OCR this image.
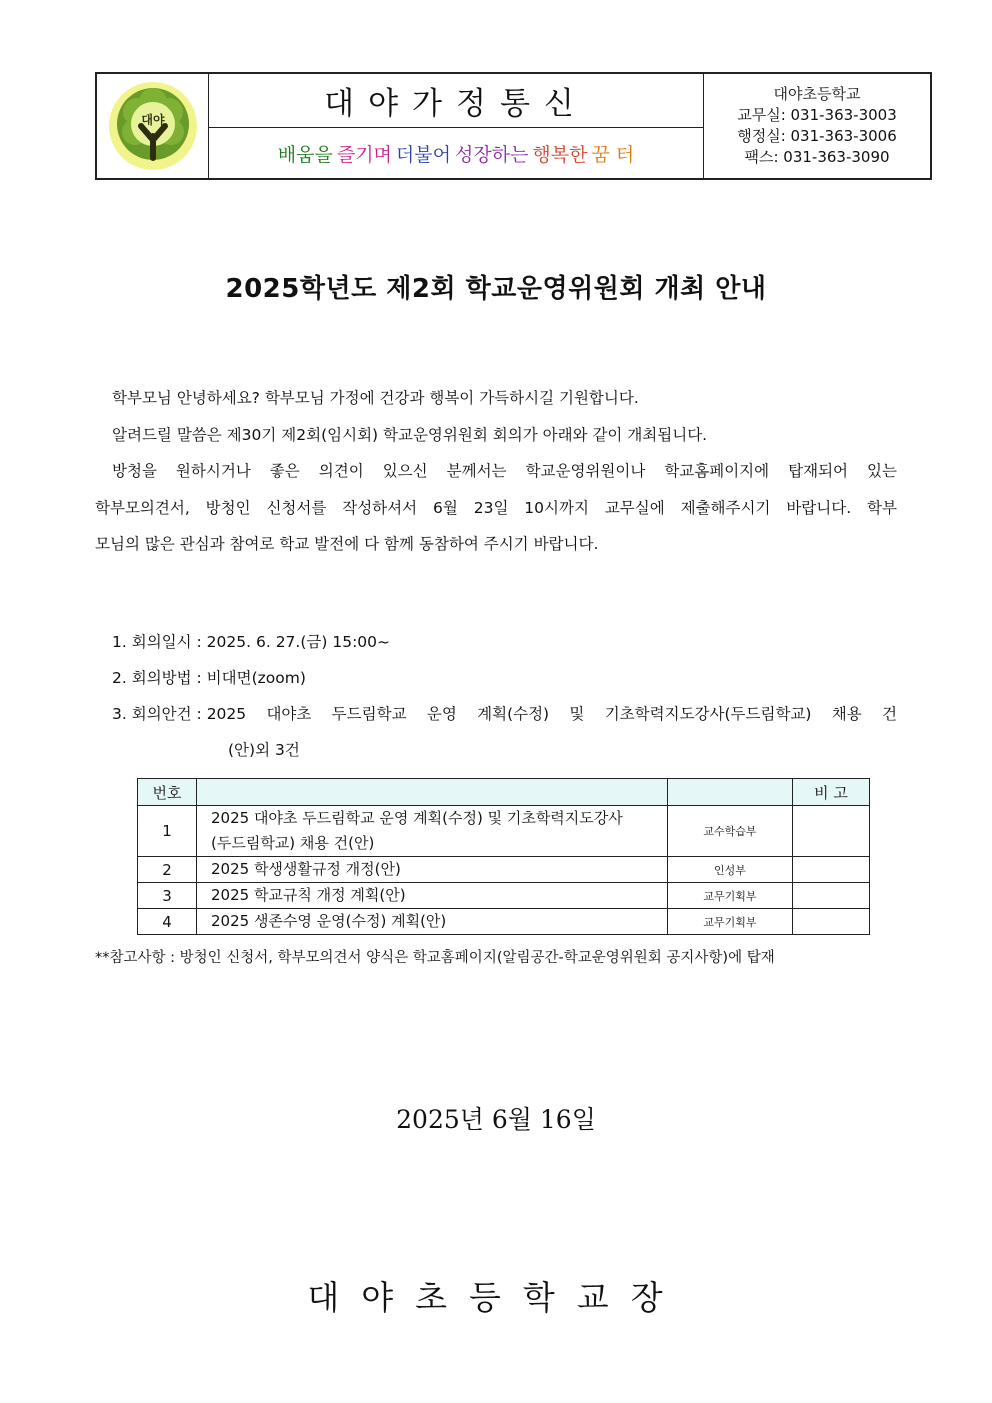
대야	대야가정통신
배움을 즐기며 더불어 성장하는 행복한 꿈 터
대야초등학교
교무실: 031-363-3003
행정실: 031-363-3006
팩스: 031-363-3090
2025학년도 제2회 학교운영위원회 개최 안내

학부모님 안녕하세요? 학부모님 가정에 건강과 행복이 가득하시길 기원합니다.

알려드릴 말씀은 제30기 제2회(임시회) 학교운영위원회 회의가 아래와 같이 개최됩니다.

방청을 원하시거나 좋은 의견이 있으신 분께서는 학교운영위원이나 학교홈페이지에 탑재되어 있는

학부모의견서, 방청인 신청서를 작성하셔서 6월 23일 10시까지 교무실에 제출해주시기 바랍니다. 학부

모님의 많은 관심과 참여로 학교 발전에 다 함께 동참하여 주시기 바랍니다.

1. 회의일시 : 2025. 6. 27.(금) 15:00~

2. 회의방법 : 비대면(zoom)

3. 회의안건 : 2025 대야초 두드림학교 운영 계획(수정) 및 기초학력지도강사(두드림학교) 채용 건

(안)외 3건

번호			비 고
1	2025 대야초 두드림학교 운영 계획(수정) 및 기초학력지도강사
(두드림학교) 채용 건(안)	교수학습부	
2	2025 학생생활규정 개정(안)	인성부	
3	2025 학교규칙 개정 계획(안)	교무기획부	
4	2025 생존수영 운영(수정) 계획(안)	교무기획부	
**참고사항 : 방청인 신청서, 학부모의견서 양식은 학교홈페이지(알림공간-학교운영위원회 공지사항)에 탑재
2025년 6월 16일
대야초등학교장
